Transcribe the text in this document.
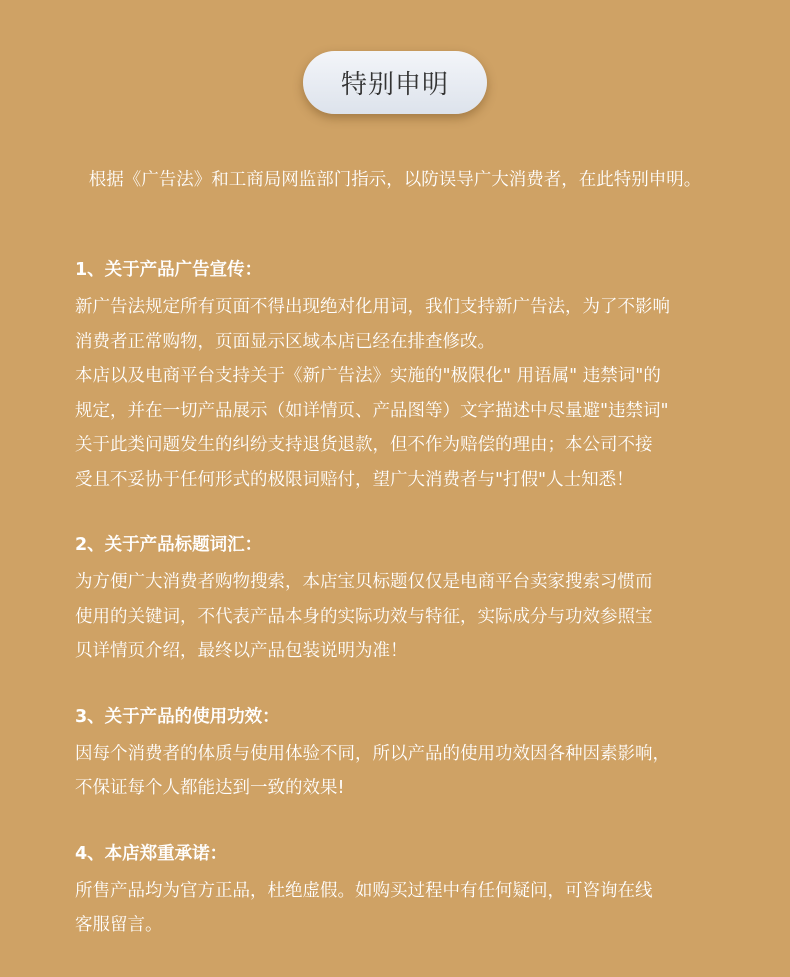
特别申明
根据《广告法》和工商局网监部门指示，以防误导广大消费者，在此特别申明。
1、关于产品广告宣传：

新广告法规定所有页面不得出现绝对化用词，我们支持新广告法，为了不影响

消费者正常购物，页面显示区域本店已经在排查修改。

本店以及电商平台支持关于《新广告法》实施的"极限化" 用语属" 违禁词"的

规定，并在一切产品展示（如详情页、产品图等）文字描述中尽量避"违禁词"

关于此类问题发生的纠纷支持退货退款，但不作为赔偿的理由；本公司不接

受且不妥协于任何形式的极限词赔付，望广大消费者与"打假"人士知悉！

2、关于产品标题词汇：

为方便广大消费者购物搜索，本店宝贝标题仅仅是电商平台卖家搜索习惯而

使用的关键词，不代表产品本身的实际功效与特征，实际成分与功效参照宝

贝详情页介绍，最终以产品包装说明为准！

3、关于产品的使用功效：

因每个消费者的体质与使用体验不同，所以产品的使用功效因各种因素影响，

不保证每个人都能达到一致的效果!

4、本店郑重承诺：

所售产品均为官方正品，杜绝虚假。如购买过程中有任何疑问，可咨询在线

客服留言。
